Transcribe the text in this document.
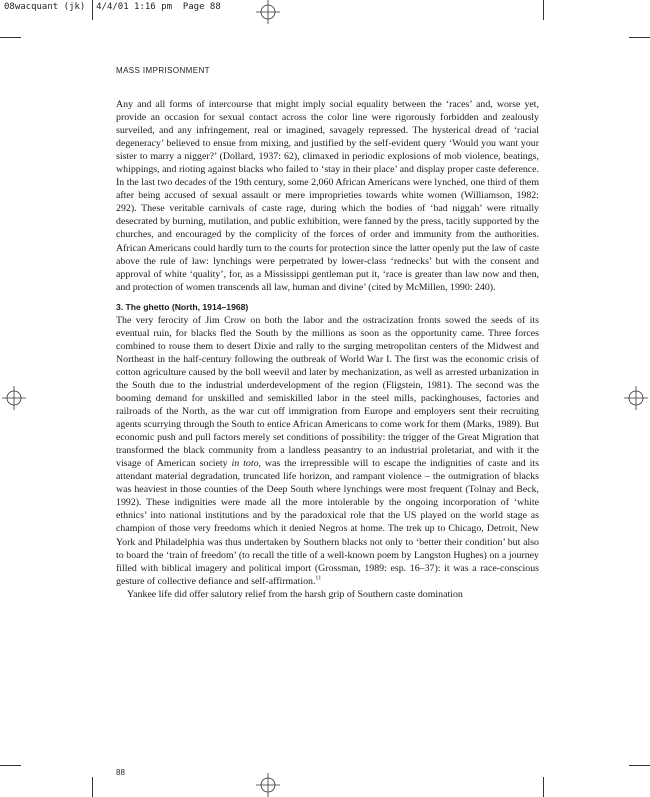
08wacquant (jk) 4/4/01 1:16 pm Page 88
MASS IMPRISONMENT

Any and all forms of intercourse that might imply social equality between the ‘races’ and, worse yet, provide an occasion for sexual contact across the color line were rigorously forbidden and zealously surveiled, and any infringement, real or imagined, savagely repressed. The hysterical dread of ‘racial degeneracy’ believed to ensue from mixing, and justified by the self-evident query ‘Would you want your sister to marry a nigger?’ (Dollard, 1937: 62), climaxed in periodic explosions of mob violence, beatings, whippings, and rioting against blacks who failed to ‘stay in their place’ and display proper caste deference. In the last two decades of the 19th century, some 2,060 African Americans were lynched, one third of them after being accused of sexual assault or mere improprieties towards white women (Williamson, 1982: 292). These veritable carnivals of caste rage, during which the bodies of ‘bad niggah’ were ritually desecrated by burning, mutilation, and public exhibition, were fanned by the press, tacitly supported by the churches, and encouraged by the complicity of the forces of order and immunity from the authorities. African Americans could hardly turn to the courts for protection since the latter openly put the law of caste above the rule of law: lynchings were perpetrated by lower-class ‘rednecks’ but with the consent and approval of white ‘quality’, for, as a Mississippi gentleman put it, ‘race is greater than law now and then, and protection of women transcends all law, human and divine’ (cited by McMillen, 1990: 240).

3. The ghetto (North, 1914–1968)

The very ferocity of Jim Crow on both the labor and the ostracization fronts sowed the seeds of its eventual ruin, for blacks fled the South by the millions as soon as the opportunity came. Three forces combined to rouse them to desert Dixie and rally to the surging metropolitan centers of the Midwest and Northeast in the half-century following the outbreak of World War I. The first was the economic crisis of cotton agriculture caused by the boll weevil and later by mechanization, as well as arrested urbanization in the South due to the industrial underdevelopment of the region (Fligstein, 1981). The second was the booming demand for unskilled and semiskilled labor in the steel mills, packinghouses, factories and railroads of the North, as the war cut off immigration from Europe and employers sent their recruiting agents scurrying through the South to entice African Americans to come work for them (Marks, 1989). But economic push and pull factors merely set conditions of possibility: the trigger of the Great Migration that transformed the black community from a landless peasantry to an industrial proletariat, and with it the visage of American society in toto, was the irrepressible will to escape the indignities of caste and its attendant material degradation, truncated life horizon, and rampant violence – the outmigration of blacks was heaviest in those counties of the Deep South where lynchings were most frequent (Tolnay and Beck, 1992). These indignities were made all the more intolerable by the ongoing incorporation of ‘white ethnics’ into national institutions and by the paradoxical role that the US played on the world stage as champion of those very freedoms which it denied Negros at home. The trek up to Chicago, Detroit, New York and Philadelphia was thus undertaken by Southern blacks not only to ‘better their condition’ but also to board the ‘train of freedom’ (to recall the title of a well-known poem by Langston Hughes) on a journey filled with biblical imagery and political import (Grossman, 1989: esp. 16–37): it was a race-conscious gesture of collective defiance and self-affirmation.$^{11}$

Yankee life did offer salutory relief from the harsh grip of Southern caste domination

88
